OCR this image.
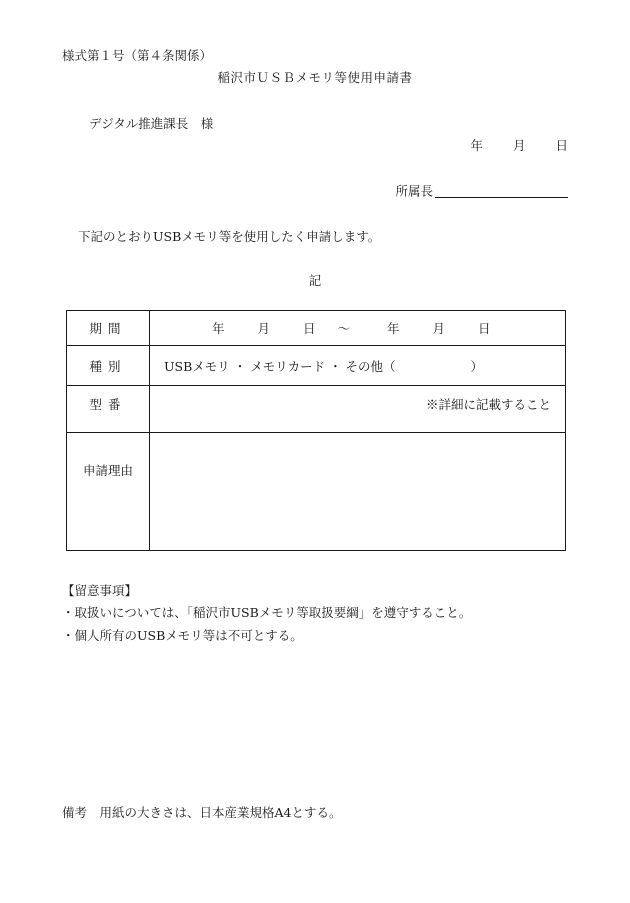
様式第１号（第４条関係）
稲沢市ＵＳＢメモリ等使用申請書
デジタル推進課長　様
年 月 日
所属長
下記のとおりUSBメモリ等を使用したく申請します。
記
期間	年 月 日 ～ 年 月 日
種別	USBメモリ ・ メモリカード ・ その他（　　　　　　）
型番	※詳細に記載すること
申請理由	
【留意事項】
・取扱いについては、「稲沢市USBメモリ等取扱要綱」を遵守すること。
・個人所有のUSBメモリ等は不可とする。
備考　用紙の大きさは、日本産業規格A4とする。
